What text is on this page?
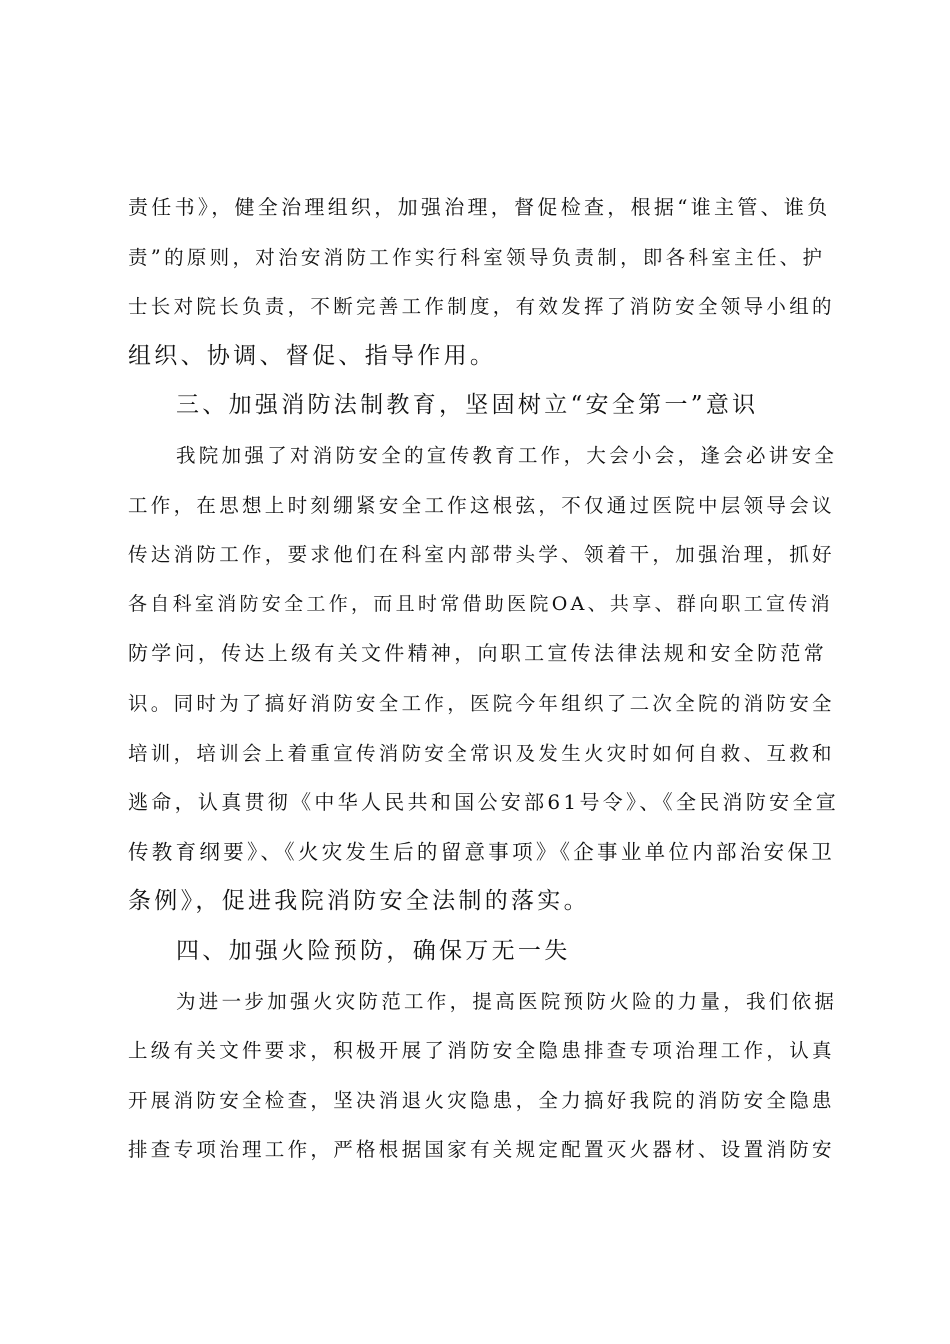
责任书》，健全治理组织，加强治理，督促检查，根据“谁主管、谁负
责”的原则，对治安消防工作实行科室领导负责制，即各科室主任、护
士长对院长负责，不断完善工作制度，有效发挥了消防安全领导小组的
组织、协调、督促、指导作用。
三、加强消防法制教育，坚固树立“安全第一”意识
我院加强了对消防安全的宣传教育工作，大会小会，逢会必讲安全
工作，在思想上时刻绷紧安全工作这根弦，不仅通过医院中层领导会议
传达消防工作，要求他们在科室内部带头学、领着干，加强治理，抓好
各自科室消防安全工作，而且时常借助医院OA、共享、群向职工宣传消
防学问，传达上级有关文件精神，向职工宣传法律法规和安全防范常
识。同时为了搞好消防安全工作，医院今年组织了二次全院的消防安全
培训，培训会上着重宣传消防安全常识及发生火灾时如何自救、互救和
逃命，认真贯彻《中华人民共和国公安部61号令》、《全民消防安全宣
传教育纲要》、《火灾发生后的留意事项》《企事业单位内部治安保卫
条例》，促进我院消防安全法制的落实。
四、加强火险预防，确保万无一失
为进一步加强火灾防范工作，提高医院预防火险的力量，我们依据
上级有关文件要求，积极开展了消防安全隐患排查专项治理工作，认真
开展消防安全检查，坚决消退火灾隐患，全力搞好我院的消防安全隐患
排查专项治理工作，严格根据国家有关规定配置灭火器材、设置消防安
